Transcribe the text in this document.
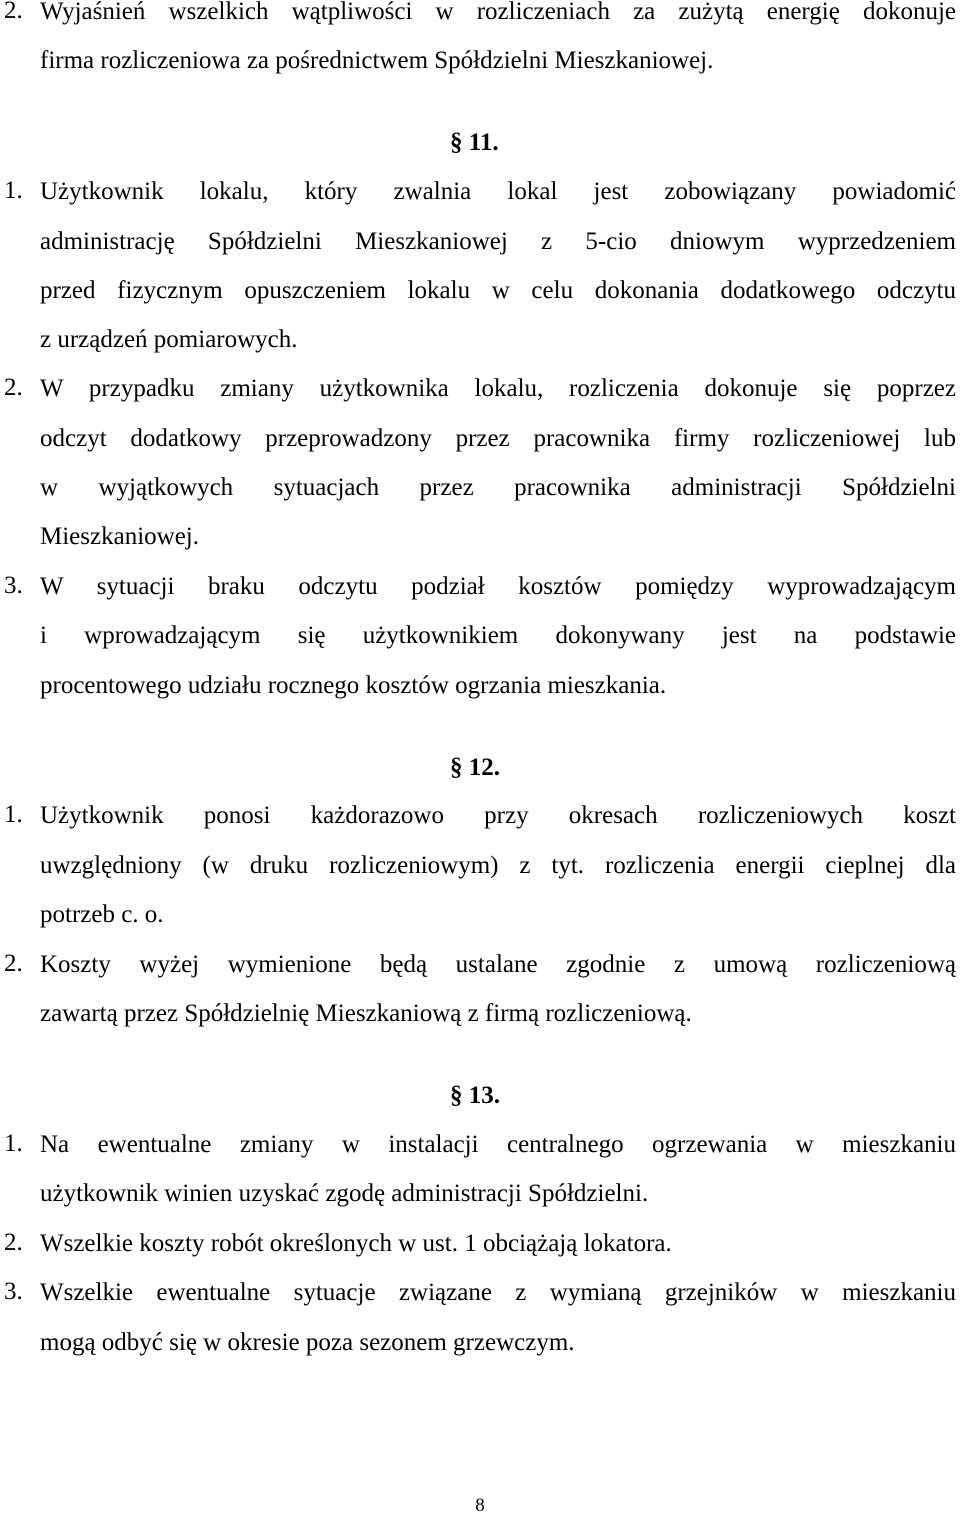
2. Wyjaśnień wszelkich wątpliwości w rozliczeniach za zużytą energię dokonuje
firma rozliczeniowa za pośrednictwem Spółdzielni Mieszkaniowej.
§ 11.
1. Użytkownik lokalu, który zwalnia lokal jest zobowiązany powiadomić
administrację Spółdzielni Mieszkaniowej z 5-cio dniowym wyprzedzeniem
przed fizycznym opuszczeniem lokalu w celu dokonania dodatkowego odczytu
z urządzeń pomiarowych.
2. W przypadku zmiany użytkownika lokalu, rozliczenia dokonuje się poprzez
odczyt dodatkowy przeprowadzony przez pracownika firmy rozliczeniowej lub
w wyjątkowych sytuacjach przez pracownika administracji Spółdzielni
Mieszkaniowej.
3. W sytuacji braku odczytu podział kosztów pomiędzy wyprowadzającym
i wprowadzającym się użytkownikiem dokonywany jest na podstawie
procentowego udziału rocznego kosztów ogrzania mieszkania.
§ 12.
1. Użytkownik ponosi każdorazowo przy okresach rozliczeniowych koszt
uwzględniony (w druku rozliczeniowym) z tyt. rozliczenia energii cieplnej dla
potrzeb c. o.
2. Koszty wyżej wymienione będą ustalane zgodnie z umową rozliczeniową
zawartą przez Spółdzielnię Mieszkaniową z firmą rozliczeniową.
§ 13.
1. Na ewentualne zmiany w instalacji centralnego ogrzewania w mieszkaniu
użytkownik winien uzyskać zgodę administracji Spółdzielni.
2. Wszelkie koszty robót określonych w ust. 1 obciążają lokatora.
3. Wszelkie ewentualne sytuacje związane z wymianą grzejników w mieszkaniu
mogą odbyć się w okresie poza sezonem grzewczym.
8
